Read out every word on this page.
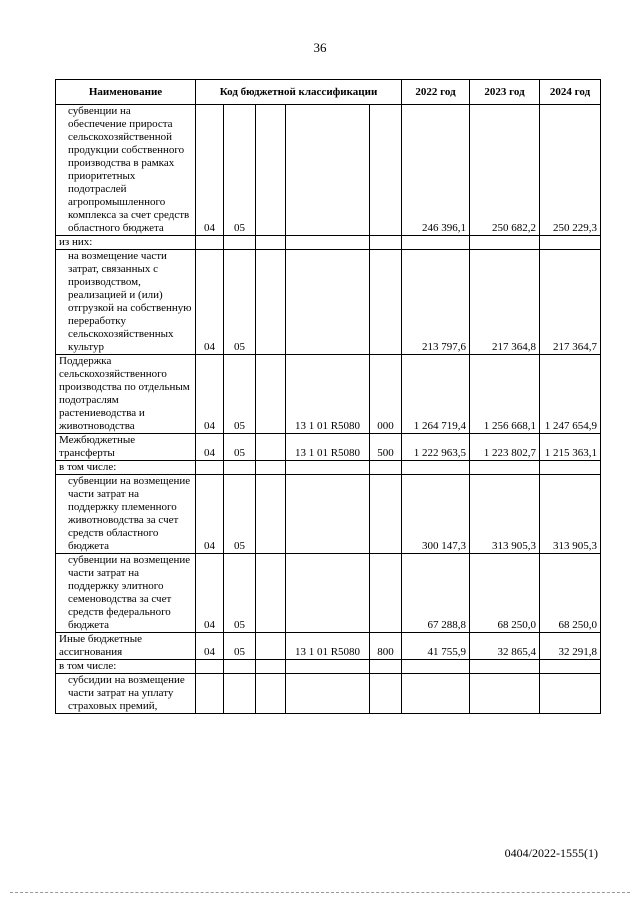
36
Наименование	Код бюджетной классификации					2022 год	2023 год	2024 год
субвенции на обеспечение прироста сельскохозяйственной продукции собственного производства в рамках приоритетных подотраслей агропромышленного комплекса за счет средств областного бюджета	04	05				246 396,1	250 682,2	250 229,3
из них:								
на возмещение части затрат, связанных с производством, реализацией и (или) отгрузкой на собственную переработку сельскохозяйственных культур	04	05				213 797,6	217 364,8	217 364,7
Поддержка сельскохозяйственного производства по отдельным подотраслям растениеводства и животноводства	04	05		13 1 01 R5080	000	1 264 719,4	1 256 668,1	1 247 654,9
Межбюджетные трансферты	04	05		13 1 01 R5080	500	1 222 963,5	1 223 802,7	1 215 363,1
в том числе:								
субвенции на возмещение части затрат на поддержку племенного животноводства за счет средств областного бюджета	04	05				300 147,3	313 905,3	313 905,3
субвенции на возмещение части затрат на поддержку элитного семеноводства за счет средств федерального бюджета	04	05				67 288,8	68 250,0	68 250,0
Иные бюджетные ассигнования	04	05		13 1 01 R5080	800	41 755,9	32 865,4	32 291,8
в том числе:								
субсидии на возмещение части затрат на уплату страховых премий,								
0404/2022-1555(1)
